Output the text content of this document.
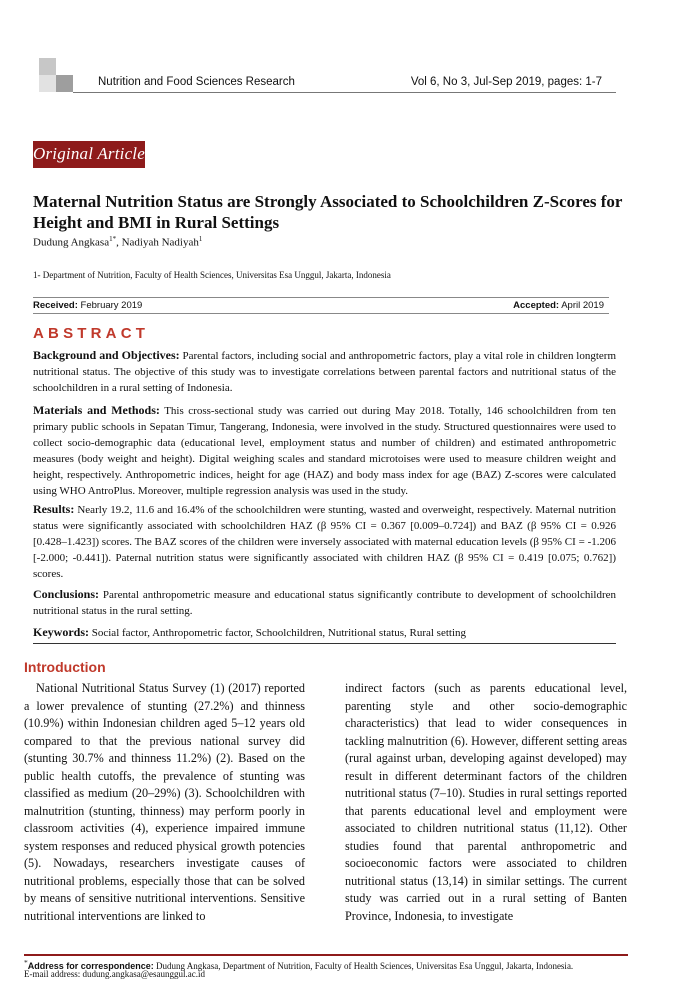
Nutrition and Food Sciences Research	Vol 6, No 3, Jul-Sep 2019, pages: 1-7
Original Article
Maternal Nutrition Status are Strongly Associated to Schoolchildren Z-Scores for Height and BMI in Rural Settings
Dudung Angkasa$^{1*}$, Nadiyah Nadiyah$^1$
1- Department of Nutrition, Faculty of Health Sciences, Universitas Esa Unggul, Jakarta, Indonesia
Received: February 2019	Accepted: April 2019
ABSTRACT
Background and Objectives: Parental factors, including social and anthropometric factors, play a vital role in children longterm nutritional status. The objective of this study was to investigate correlations between parental factors and nutritional status of the schoolchildren in a rural setting of Indonesia.
Materials and Methods: This cross-sectional study was carried out during May 2018. Totally, 146 schoolchildren from ten primary public schools in Sepatan Timur, Tangerang, Indonesia, were involved in the study. Structured questionnaires were used to collect socio-demographic data (educational level, employment status and number of children) and estimated anthropometric measures (body weight and height). Digital weighing scales and standard microtoises were used to measure children weight and height, respectively. Anthropometric indices, height for age (HAZ) and body mass index for age (BAZ) Z-scores were calculated using WHO AntroPlus. Moreover, multiple regression analysis was used in the study.
Results: Nearly 19.2, 11.6 and 16.4% of the schoolchildren were stunting, wasted and overweight, respectively. Maternal nutrition status were significantly associated with schoolchildren HAZ (β 95% CI = 0.367 [0.009–0.724]) and BAZ (β 95% CI = 0.926 [0.428–1.423]) scores. The BAZ scores of the children were inversely associated with maternal education levels (β 95% CI = -1.206 [-2.000; -0.441]). Paternal nutrition status were significantly associated with children HAZ (β 95% CI = 0.419 [0.075; 0.762]) scores.
Conclusions: Parental anthropometric measure and educational status significantly contribute to development of schoolchildren nutritional status in the rural setting.
Keywords: Social factor, Anthropometric factor, Schoolchildren, Nutritional status, Rural setting
Introduction
National Nutritional Status Survey (1) (2017) reported a lower prevalence of stunting (27.2%) and thinness (10.9%) within Indonesian children aged 5–12 years old compared to that the previous national survey did (stunting 30.7% and thinness 11.2%) (2). Based on the public health cutoffs, the prevalence of stunting was classified as medium (20–29%) (3). Schoolchildren with malnutrition (stunting, thinness) may perform poorly in classroom activities (4), experience impaired immune system responses and reduced physical growth potencies (5). Nowadays, researchers investigate causes of nutritional problems, especially those that can be solved by means of sensitive nutritional interventions. Sensitive nutritional interventions are linked to
indirect factors (such as parents educational level, parenting style and other socio-demographic characteristics) that lead to wider consequences in tackling malnutrition (6). However, different setting areas (rural against urban, developing against developed) may result in different determinant factors of the children nutritional status (7–10). Studies in rural settings reported that parents educational level and employment were associated to children nutritional status (11,12). Other studies found that parental anthropometric and socioeconomic factors were associated to children nutritional status (13,14) in similar settings. The current study was carried out in a rural setting of Banten Province, Indonesia, to investigate
*Address for correspondence: Dudung Angkasa, Department of Nutrition, Faculty of Health Sciences, Universitas Esa Unggul, Jakarta, Indonesia.
E-mail address: dudung.angkasa@esaunggul.ac.id
